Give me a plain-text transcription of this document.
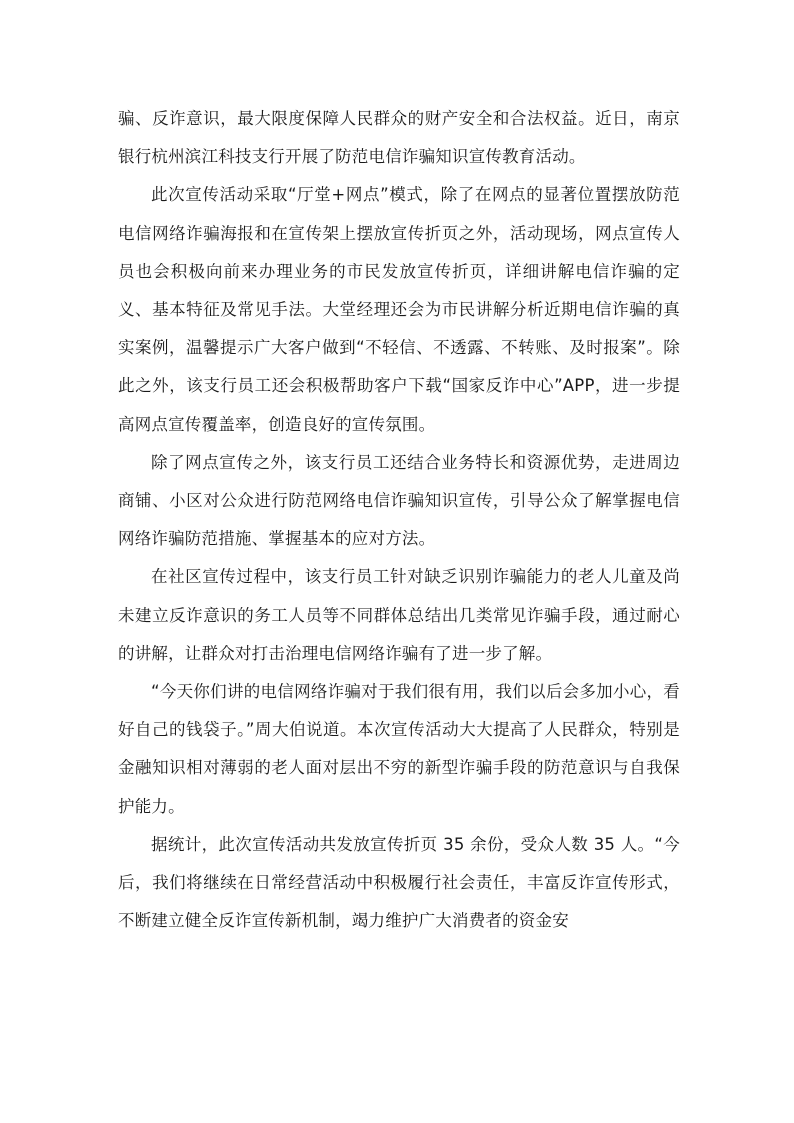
骗、反诈意识，最大限度保障人民群众的财产安全和合法权益。近日，南京银行杭州滨江科技支行开展了防范电信诈骗知识宣传教育活动。

此次宣传活动采取“厅堂+网点”模式，除了在网点的显著位置摆放防范电信网络诈骗海报和在宣传架上摆放宣传折页之外，活动现场，网点宣传人员也会积极向前来办理业务的市民发放宣传折页，详细讲解电信诈骗的定义、基本特征及常见手法。大堂经理还会为市民讲解分析近期电信诈骗的真实案例，温馨提示广大客户做到“不轻信、不透露、不转账、及时报案”。除此之外，该支行员工还会积极帮助客户下载“国家反诈中心”APP，进一步提高网点宣传覆盖率，创造良好的宣传氛围。

除了网点宣传之外，该支行员工还结合业务特长和资源优势，走进周边商铺、小区对公众进行防范网络电信诈骗知识宣传，引导公众了解掌握电信网络诈骗防范措施、掌握基本的应对方法。

在社区宣传过程中，该支行员工针对缺乏识别诈骗能力的老人儿童及尚未建立反诈意识的务工人员等不同群体总结出几类常见诈骗手段，通过耐心的讲解，让群众对打击治理电信网络诈骗有了进一步了解。

“今天你们讲的电信网络诈骗对于我们很有用，我们以后会多加小心，看好自己的钱袋子。”周大伯说道。本次宣传活动大大提高了人民群众，特别是金融知识相对薄弱的老人面对层出不穷的新型诈骗手段的防范意识与自我保护能力。

据统计，此次宣传活动共发放宣传折页 35 余份，受众人数 35 人。“今后，我们将继续在日常经营活动中积极履行社会责任，丰富反诈宣传形式，不断建立健全反诈宣传新机制，竭力维护广大消费者的资金安
